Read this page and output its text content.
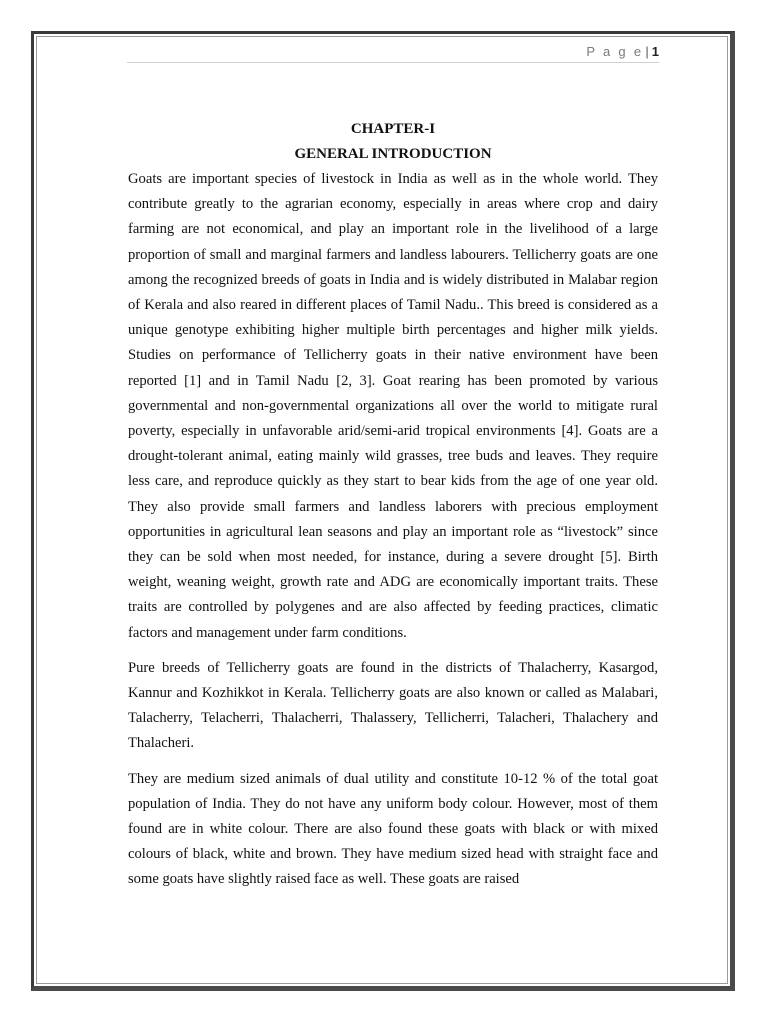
P a g e | 1

CHAPTER-I

GENERAL INTRODUCTION

Goats are important species of livestock in India as well as in the whole world. They contribute greatly to the agrarian economy, especially in areas where crop and dairy farming are not economical, and play an important role in the livelihood of a large proportion of small and marginal farmers and landless labourers. Tellicherry goats are one among the recognized breeds of goats in India and is widely distributed in Malabar region of Kerala and also reared in different places of Tamil Nadu.. This breed is considered as a unique genotype exhibiting higher multiple birth percentages and higher milk yields. Studies on performance of Tellicherry goats in their native environment have been reported [1] and in Tamil Nadu [2, 3]. Goat rearing has been promoted by various governmental and non-governmental organizations all over the world to mitigate rural poverty, especially in unfavorable arid/semi-arid tropical environments [4]. Goats are a drought-tolerant animal, eating mainly wild grasses, tree buds and leaves. They require less care, and reproduce quickly as they start to bear kids from the age of one year old. They also provide small farmers and landless laborers with precious employment opportunities in agricultural lean seasons and play an important role as “livestock” since they can be sold when most needed, for instance, during a severe drought [5]. Birth weight, weaning weight, growth rate and ADG are economically important traits. These traits are controlled by polygenes and are also affected by feeding practices, climatic factors and management under farm conditions.

Pure breeds of Tellicherry goats are found in the districts of Thalacherry, Kasargod, Kannur and Kozhikkot in Kerala. Tellicherry goats are also known or called as Malabari, Talacherry, Telacherri, Thalacherri, Thalassery, Tellicherri, Talacheri, Thalachery and Thalacheri.

They are medium sized animals of dual utility and constitute 10-12 % of the total goat population of India. They do not have any uniform body colour. However, most of them found are in white colour. There are also found these goats with black or with mixed colours of black, white and brown. They have medium sized head with straight face and some goats have slightly raised face as well. These goats are raised
